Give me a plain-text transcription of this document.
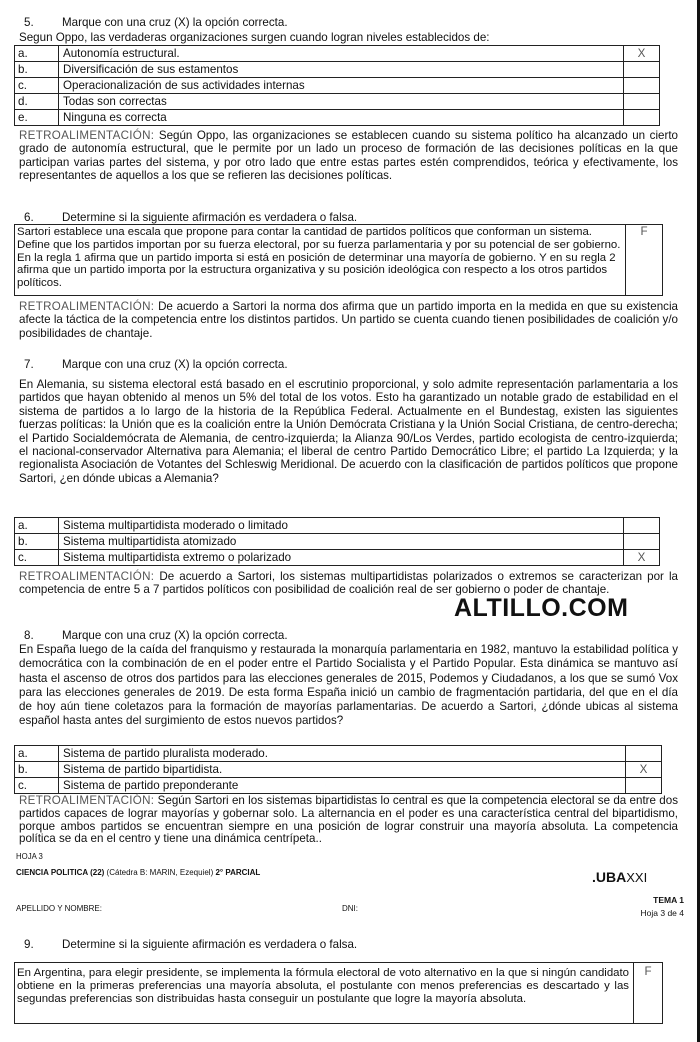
5. Marque con una cruz (X) la opción correcta.
Segun Oppo, las verdaderas organizaciones surgen cuando logran niveles establecidos de:
a.	Autonomía estructural.	X
b.	Diversificación de sus estamentos	
c.	Operacionalización de sus actividades internas	
d.	Todas son correctas	
e.	Ninguna es correcta	
RETROALIMENTACIÓN: Según Oppo, las organizaciones se establecen cuando su sistema político ha alcanzado un cierto grado de autonomía estructural, que le permite por un lado un proceso de formación de las decisiones políticas en la que participan varias partes del sistema, y por otro lado que entre estas partes estén comprendidos, teórica y efectivamente, los representantes de aquellos a los que se refieren las decisiones políticas.
6. Determine si la siguiente afirmación es verdadera o falsa.
Sartori establece una escala que propone para contar la cantidad de partidos políticos que conforman un sistema. Define que los partidos importan por su fuerza electoral, por su fuerza parlamentaria y por su potencial de ser gobierno. En la regla 1 afirma que un partido importa si está en posición de determinar una mayoría de gobierno. Y en su regla 2 afirma que un partido importa por la estructura organizativa y su posición ideológica con respecto a los otros partidos políticos.
F
RETROALIMENTACIÓN: De acuerdo a Sartori la norma dos afirma que un partido importa en la medida en que su existencia afecte la táctica de la competencia entre los distintos partidos. Un partido se cuenta cuando tienen posibilidades de coalición y/o posibilidades de chantaje.
7. Marque con una cruz (X) la opción correcta.
En Alemania, su sistema electoral está basado en el escrutinio proporcional, y solo admite representación parlamentaria a los partidos que hayan obtenido al menos un 5% del total de los votos. Esto ha garantizado un notable grado de estabilidad en el sistema de partidos a lo largo de la historia de la República Federal. Actualmente en el Bundestag, existen las siguientes fuerzas políticas: la Unión que es la coalición entre la Unión Demócrata Cristiana y la Unión Social Cristiana, de centro-derecha; el Partido Socialdemócrata de Alemania, de centro-izquierda; la Alianza 90/Los Verdes, partido ecologista de centro-izquierda; el nacional-conservador Alternativa para Alemania; el liberal de centro Partido Democrático Libre; el partido La Izquierda; y la regionalista Asociación de Votantes del Schleswig Meridional. De acuerdo con la clasificación de partidos políticos que propone Sartori, ¿en dónde ubicas a Alemania?
a.	Sistema multipartidista moderado o limitado	
b.	Sistema multipartidista atomizado	
c.	Sistema multipartidista extremo o polarizado	X
RETROALIMENTACIÓN: De acuerdo a Sartori, los sistemas multipartidistas polarizados o extremos se caracterizan por la competencia de entre 5 a 7 partidos políticos con posibilidad de coalición real de ser gobierno o poder de chantaje.
ALTILLO.COM
8. Marque con una cruz (X) la opción correcta.
En España luego de la caída del franquismo y restaurada la monarquía parlamentaria en 1982, mantuvo la estabilidad política y democrática con la combinación de en el poder entre el Partido Socialista y el Partido Popular. Esta dinámica se mantuvo así hasta el ascenso de otros dos partidos para las elecciones generales de 2015, Podemos y Ciudadanos, a los que se sumó Vox para las elecciones generales de 2019. De esta forma España inició un cambio de fragmentación partidaria, del que en el día de hoy aún tiene coletazos para la formación de mayorías parlamentarias. De acuerdo a Sartori, ¿dónde ubicas al sistema español hasta antes del surgimiento de estos nuevos partidos?
a.	Sistema de partido pluralista moderado.	
b.	Sistema de partido bipartidista.	X
c.	Sistema de partido preponderante	
RETROALIMENTACIÓN: Según Sartori en los sistemas bipartidistas lo central es que la competencia electoral se da entre dos partidos capaces de lograr mayorías y gobernar solo. La alternancia en el poder es una característica central del bipartidismo, porque ambos partidos se encuentran siempre en una posición de lograr construir una mayoría absoluta. La competencia política se da en el centro y tiene una dinámica centrípeta..
HOJA 3
CIENCIA POLITICA (22) (Cátedra B: MARIN, Ezequiel) 2° PARCIAL	.UBAXXI
APELLIDO Y NOMBRE:	DNI:
TEMA 1
Hoja 3 de 4
9. Determine si la siguiente afirmación es verdadera o falsa.
En Argentina, para elegir presidente, se implementa la fórmula electoral de voto alternativo en la que si ningún candidato obtiene en la primeras preferencias una mayoría absoluta, el postulante con menos preferencias es descartado y las segundas preferencias son distribuidas hasta conseguir un postulante que logre la mayoría absoluta.
F
